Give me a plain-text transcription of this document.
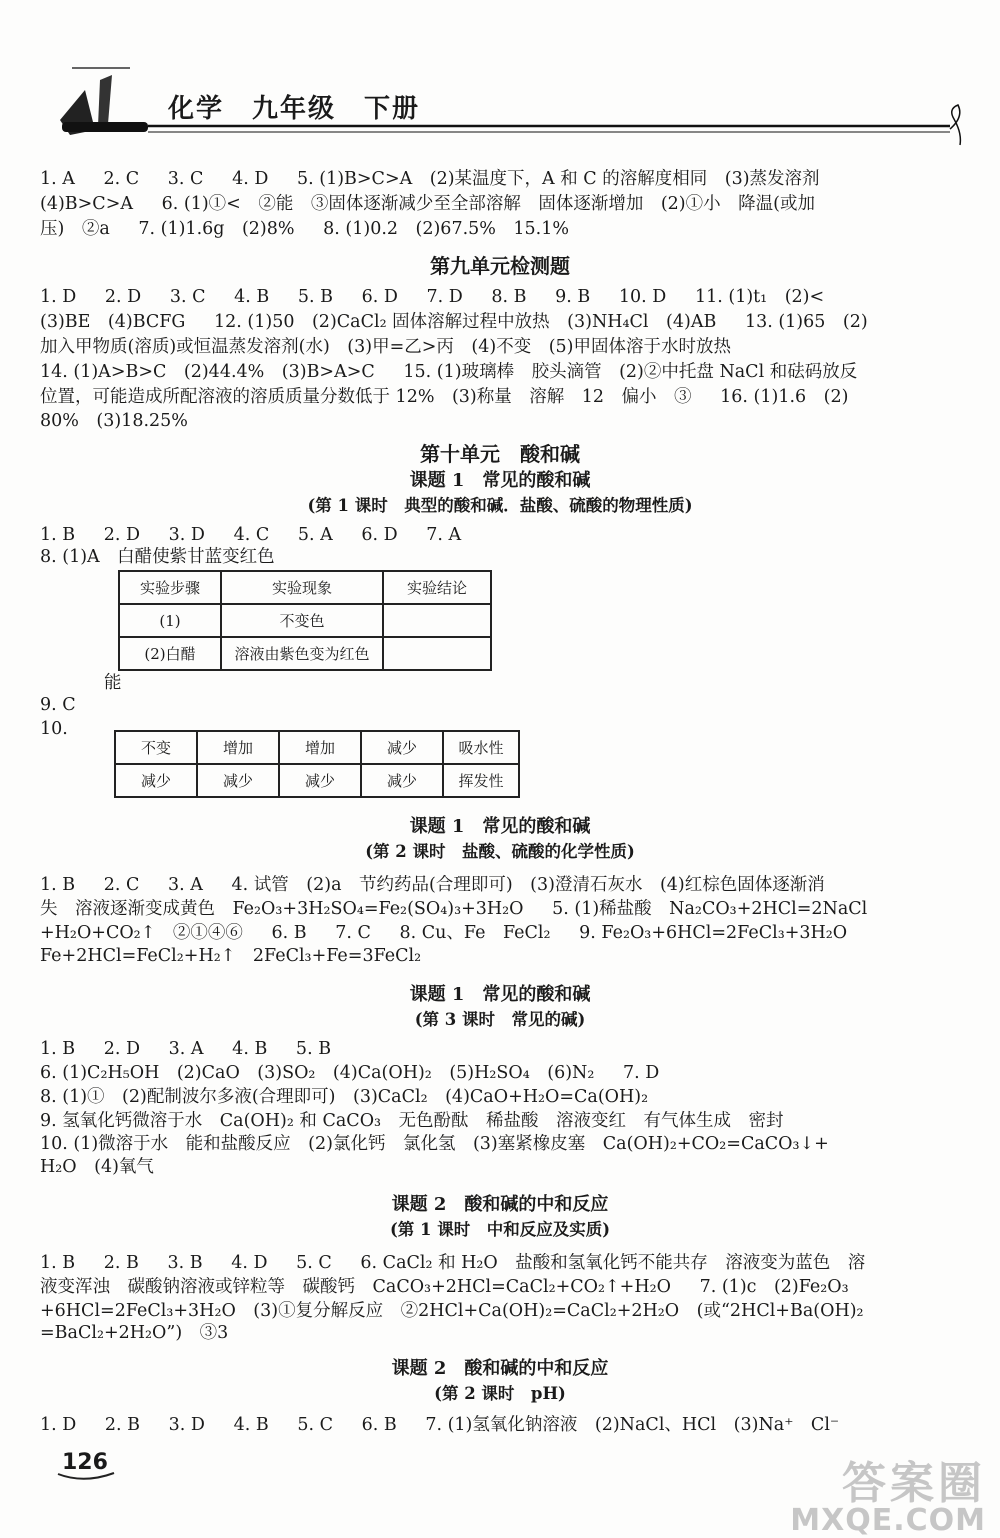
化学　九年级　下册
1. A　  2. C　  3. C　  4. D　  5. (1)B>C>A　(2)某温度下，A 和 C 的溶解度相同　(3)蒸发溶剂
(4)B>C>A　  6. (1)①<　②能　③固体逐渐减少至全部溶解　固体逐渐增加　(2)①小　降温(或加
压)　②a　  7. (1)1.6g　(2)8%　  8. (1)0.2　(2)67.5%　15.1%
第九单元检测题
1. D　  2. D　  3. C　  4. B　  5. B　  6. D　  7. D　  8. B　  9. B　  10. D　  11. (1)t₁　(2)<
(3)BE　(4)BCFG　  12. (1)50　(2)CaCl₂ 固体溶解过程中放热　(3)NH₄Cl　(4)AB　  13. (1)65　(2)
加入甲物质(溶质)或恒温蒸发溶剂(水)　(3)甲=乙>丙　(4)不变　(5)甲固体溶于水时放热
14. (1)A>B>C　(2)44.4%　(3)B>A>C　  15. (1)玻璃棒　胶头滴管　(2)②中托盘 NaCl 和砝码放反
位置，可能造成所配溶液的溶质质量分数低于 12%　(3)称量　溶解　12　偏小　③　  16. (1)1.6　(2)
80%　(3)18.25%
第十单元　酸和碱
课题 1　常见的酸和碱
(第 1 课时　典型的酸和碱．盐酸、硫酸的物理性质)
1. B　  2. D　  3. D　  4. C　  5. A　  6. D　  7. A
8. (1)A　白醋使紫甘蓝变红色
实验步骤	实验现象	实验结论
(1)	不变色	
(2)白醋	溶液由紫色变为红色	
能
9. C
10.
不变	增加	增加	减少	吸水性
减少	减少	减少	减少	挥发性
课题 1　常见的酸和碱
(第 2 课时　盐酸、硫酸的化学性质)
1. B　  2. C　  3. A　  4. 试管　(2)a　节约药品(合理即可)　(3)澄清石灰水　(4)红棕色固体逐渐消
失　溶液逐渐变成黄色　Fe₂O₃+3H₂SO₄=Fe₂(SO₄)₃+3H₂O　  5. (1)稀盐酸　Na₂CO₃+2HCl=2NaCl
+H₂O+CO₂↑　②①④⑥　  6. B　  7. C　  8. Cu、Fe　FeCl₂　  9. Fe₂O₃+6HCl=2FeCl₃+3H₂O
Fe+2HCl=FeCl₂+H₂↑　2FeCl₃+Fe=3FeCl₂
课题 1　常见的酸和碱
(第 3 课时　常见的碱)
1. B　  2. D　  3. A　  4. B　  5. B
6. (1)C₂H₅OH　(2)CaO　(3)SO₂　(4)Ca(OH)₂　(5)H₂SO₄　(6)N₂　  7. D
8. (1)①　(2)配制波尔多液(合理即可)　(3)CaCl₂　(4)CaO+H₂O=Ca(OH)₂
9. 氢氧化钙微溶于水　Ca(OH)₂ 和 CaCO₃　无色酚酞　稀盐酸　溶液变红　有气体生成　密封
10. (1)微溶于水　能和盐酸反应　(2)氯化钙　氯化氢　(3)塞紧橡皮塞　Ca(OH)₂+CO₂=CaCO₃↓+
H₂O　(4)氧气
课题 2　酸和碱的中和反应
(第 1 课时　中和反应及实质)
1. B　  2. B　  3. B　  4. D　  5. C　  6. CaCl₂ 和 H₂O　盐酸和氢氧化钙不能共存　溶液变为蓝色　溶
液变浑浊　碳酸钠溶液或锌粒等　碳酸钙　CaCO₃+2HCl=CaCl₂+CO₂↑+H₂O　  7. (1)c　(2)Fe₂O₃
+6HCl=2FeCl₃+3H₂O　(3)①复分解反应　②2HCl+Ca(OH)₂=CaCl₂+2H₂O　(或“2HCl+Ba(OH)₂
=BaCl₂+2H₂O”)　③3
课题 2　酸和碱的中和反应
(第 2 课时　pH)
1. D　  2. B　  3. D　  4. B　  5. C　  6. B　  7. (1)氢氧化钠溶液　(2)NaCl、HCl　(3)Na⁺　Cl⁻
126	答案圈
MXQE.COM
